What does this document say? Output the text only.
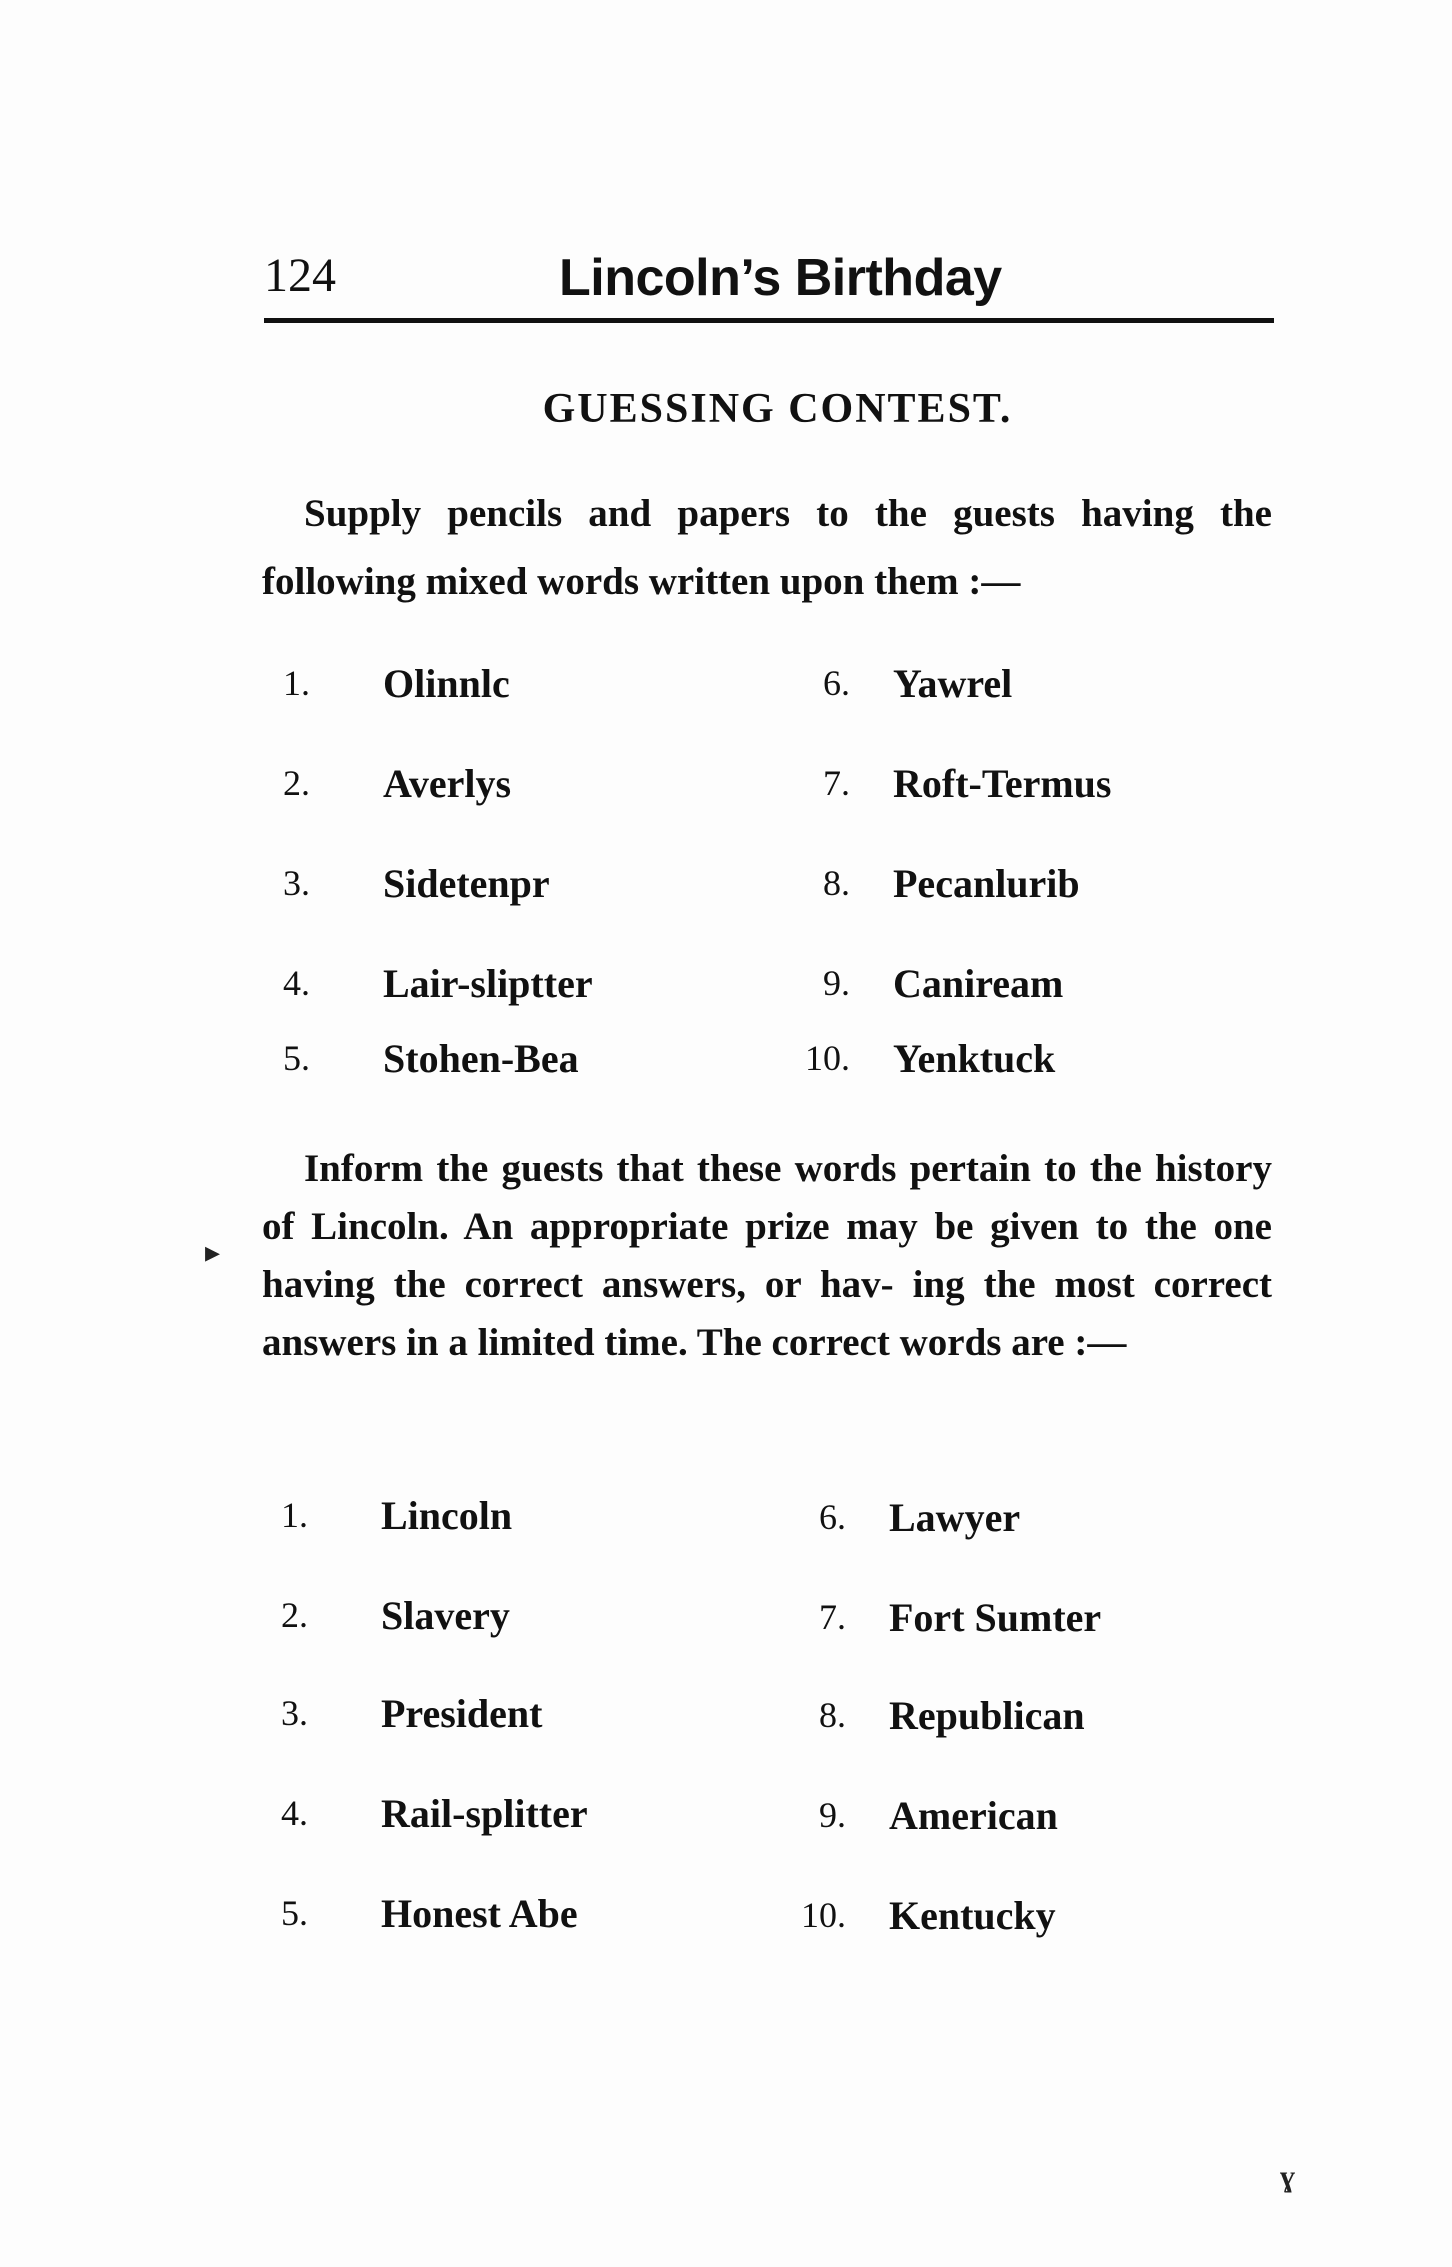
124	Lincoln’s Birthday
GUESSING CONTEST.
Supply pencils and papers to the guests having the following mixed words written upon them :—
1. Olinnlc
2. Averlys
3. Sidetenpr
4. Lair-sliptter
5. Stohen-Bea
6. Yawrel
7. Roft-Termus
8. Pecanlurib
9. Caniream
10. Yenktuck
Inform the guests that these words pertain to the history of Lincoln. An appropriate prize may be given to the one having the correct answers, or hav- ing the most correct answers in a limited time. The correct words are :—
1. Lincoln
2. Slavery
3. President
4. Rail-splitter
5. Honest Abe
6. Lawyer
7. Fort Sumter
8. Republican
9. American
10. Kentucky
▸
ɣ
